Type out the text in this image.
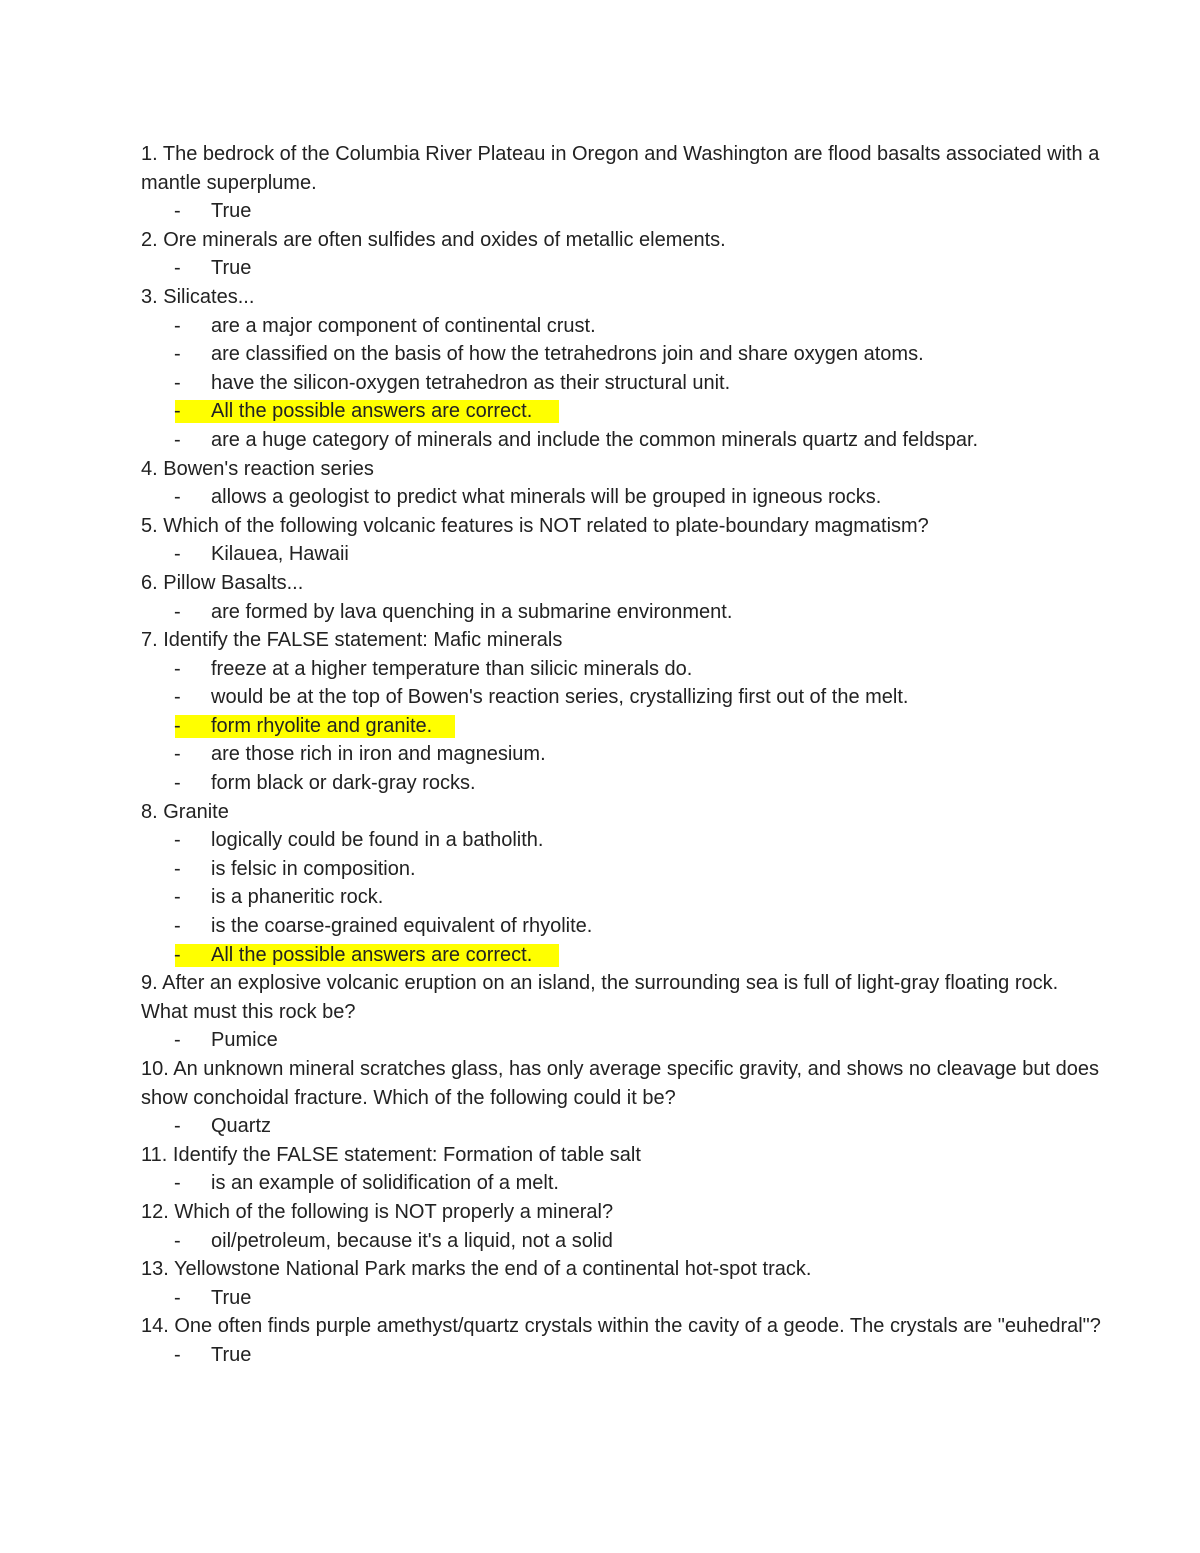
1. The bedrock of the Columbia River Plateau in Oregon and Washington are flood basalts associated with a mantle superplume.
- True
2. Ore minerals are often sulfides and oxides of metallic elements.
- True
3. Silicates...
- are a major component of continental crust.
- are classified on the basis of how the tetrahedrons join and share oxygen atoms.
- have the silicon-oxygen tetrahedron as their structural unit.
- All the possible answers are correct.
- are a huge category of minerals and include the common minerals quartz and feldspar.
4. Bowen's reaction series
- allows a geologist to predict what minerals will be grouped in igneous rocks.
5. Which of the following volcanic features is NOT related to plate-boundary magmatism?
- Kilauea, Hawaii
6. Pillow Basalts...
- are formed by lava quenching in a submarine environment.
7. Identify the FALSE statement: Mafic minerals
- freeze at a higher temperature than silicic minerals do.
- would be at the top of Bowen's reaction series, crystallizing first out of the melt.
- form rhyolite and granite.
- are those rich in iron and magnesium.
- form black or dark-gray rocks.
8. Granite
- logically could be found in a batholith.
- is felsic in composition.
- is a phaneritic rock.
- is the coarse-grained equivalent of rhyolite.
- All the possible answers are correct.
9. After an explosive volcanic eruption on an island, the surrounding sea is full of light-gray floating rock. What must this rock be?
- Pumice
10. An unknown mineral scratches glass, has only average specific gravity, and shows no cleavage but does show conchoidal fracture. Which of the following could it be?
- Quartz
11. Identify the FALSE statement: Formation of table salt
- is an example of solidification of a melt.
12. Which of the following is NOT properly a mineral?
- oil/petroleum, because it's a liquid, not a solid
13. Yellowstone National Park marks the end of a continental hot-spot track.
- True
14. One often finds purple amethyst/quartz crystals within the cavity of a geode. The crystals are "euhedral"?
- True
